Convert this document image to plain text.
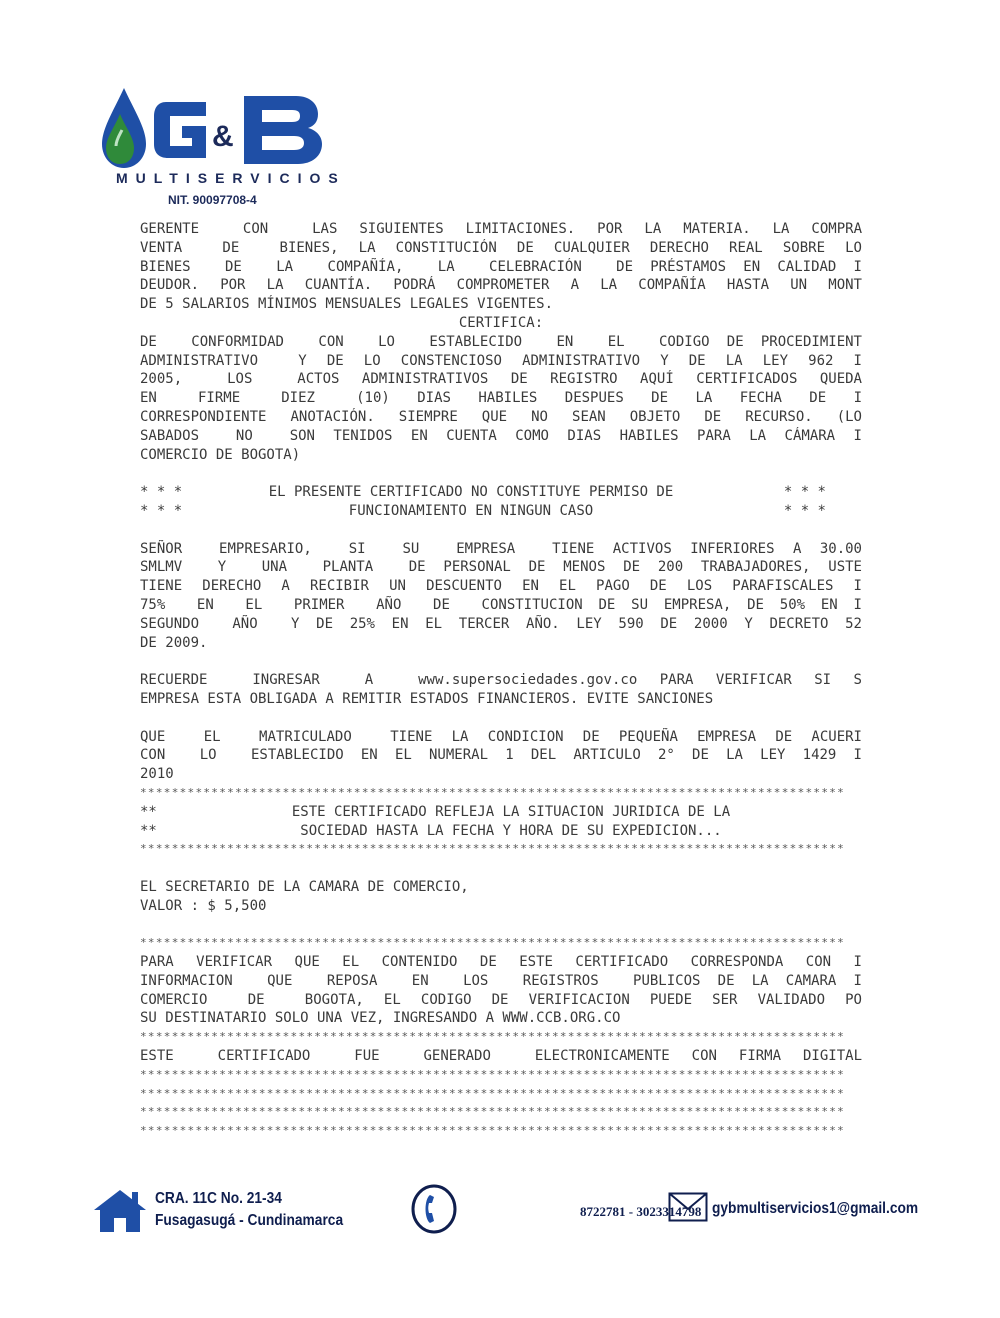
&
MULTISERVICIOS
NIT. 90097708-4
GERENTE  CON  LAS SIGUIENTES LIMITACIONES. POR LA MATERIA. LA COMPRA
VENTA  DE  BIENES, LA CONSTITUCIÓN DE CUALQUIER DERECHO REAL SOBRE LO
BIENES  DE  LA  COMPAÑÍA,  LA  CELEBRACIÓN  DE PRÉSTAMOS EN CALIDAD I
DEUDOR. POR LA CUANTÍA. PODRÁ COMPROMETER A LA COMPAÑÍA HASTA UN MONT
DE 5 SALARIOS MÍNIMOS MENSUALES LEGALES VIGENTES.
CERTIFICA:
DE  CONFORMIDAD  CON  LO  ESTABLECIDO  EN  EL  CODIGO DE PROCEDIMIENT
ADMINISTRATIVO  Y DE LO CONSTENCIOSO ADMINISTRATIVO Y DE LA LEY 962 I
2005,  LOS  ACTOS ADMINISTRATIVOS DE REGISTRO AQUÍ CERTIFICADOS QUEDA
EN   FIRME   DIEZ   (10)  DIAS  HABILES  DESPUES  DE  LA  FECHA  DE  I
CORRESPONDIENTE ANOTACIÓN. SIEMPRE QUE NO SEAN OBJETO DE RECURSO. (LO
SABADOS  NO  SON TENIDOS EN CUENTA COMO DIAS HABILES PARA LA CÁMARA I
COMERCIO DE BOGOTA)
* * *	EL PRESENTE CERTIFICADO NO CONSTITUYE PERMISO DE	* * *
* * *	FUNCIONAMIENTO EN NINGUN CASO	* * *
SEÑOR  EMPRESARIO,  SI  SU  EMPRESA  TIENE ACTIVOS INFERIORES A 30.00
SMLMV  Y  UNA  PLANTA  DE PERSONAL DE MENOS DE 200 TRABAJADORES, USTE
TIENE DERECHO A RECIBIR UN DESCUENTO EN EL PAGO DE LOS PARAFISCALES I
75%  EN  EL  PRIMER  AÑO  DE  CONSTITUCION DE SU EMPRESA, DE 50% EN I
SEGUNDO  AÑO  Y DE 25% EN EL TERCER AÑO. LEY 590 DE 2000 Y DECRETO 52
DE 2009.
RECUERDE  INGRESAR  A  www.supersociedades.gov.co PARA VERIFICAR SI S
EMPRESA ESTA OBLIGADA A REMITIR ESTADOS FINANCIEROS. EVITE SANCIONES
QUE  EL  MATRICULADO  TIENE LA CONDICION DE PEQUEÑA EMPRESA DE ACUERI
CON  LO  ESTABLECIDO EN EL NUMERAL 1 DEL ARTICULO 2° DE LA LEY 1429 I
2010
*****************************************************************************************
**	ESTE CERTIFICADO REFLEJA LA SITUACION JURIDICA DE LA
**	SOCIEDAD HASTA LA FECHA Y HORA DE SU EXPEDICION...
*****************************************************************************************
EL SECRETARIO DE LA CAMARA DE COMERCIO,
VALOR : $ 5,500
*****************************************************************************************
PARA VERIFICAR QUE EL CONTENIDO DE ESTE CERTIFICADO CORRESPONDA CON I
INFORMACION  QUE  REPOSA  EN  LOS  REGISTROS  PUBLICOS DE LA CAMARA I
COMERCIO  DE  BOGOTA, EL CODIGO DE VERIFICACION PUEDE SER VALIDADO PO
SU DESTINATARIO SOLO UNA VEZ, INGRESANDO A WWW.CCB.ORG.CO
*****************************************************************************************
ESTE  CERTIFICADO  FUE  GENERADO  ELECTRONICAMENTE CON FIRMA DIGITAL
*****************************************************************************************
*****************************************************************************************
*****************************************************************************************
*****************************************************************************************
CRA. 11C No. 21-34
Fusagasugá - Cundinamarca
8722781 - 3023314798 gybmultiservicios1@gmail.com
